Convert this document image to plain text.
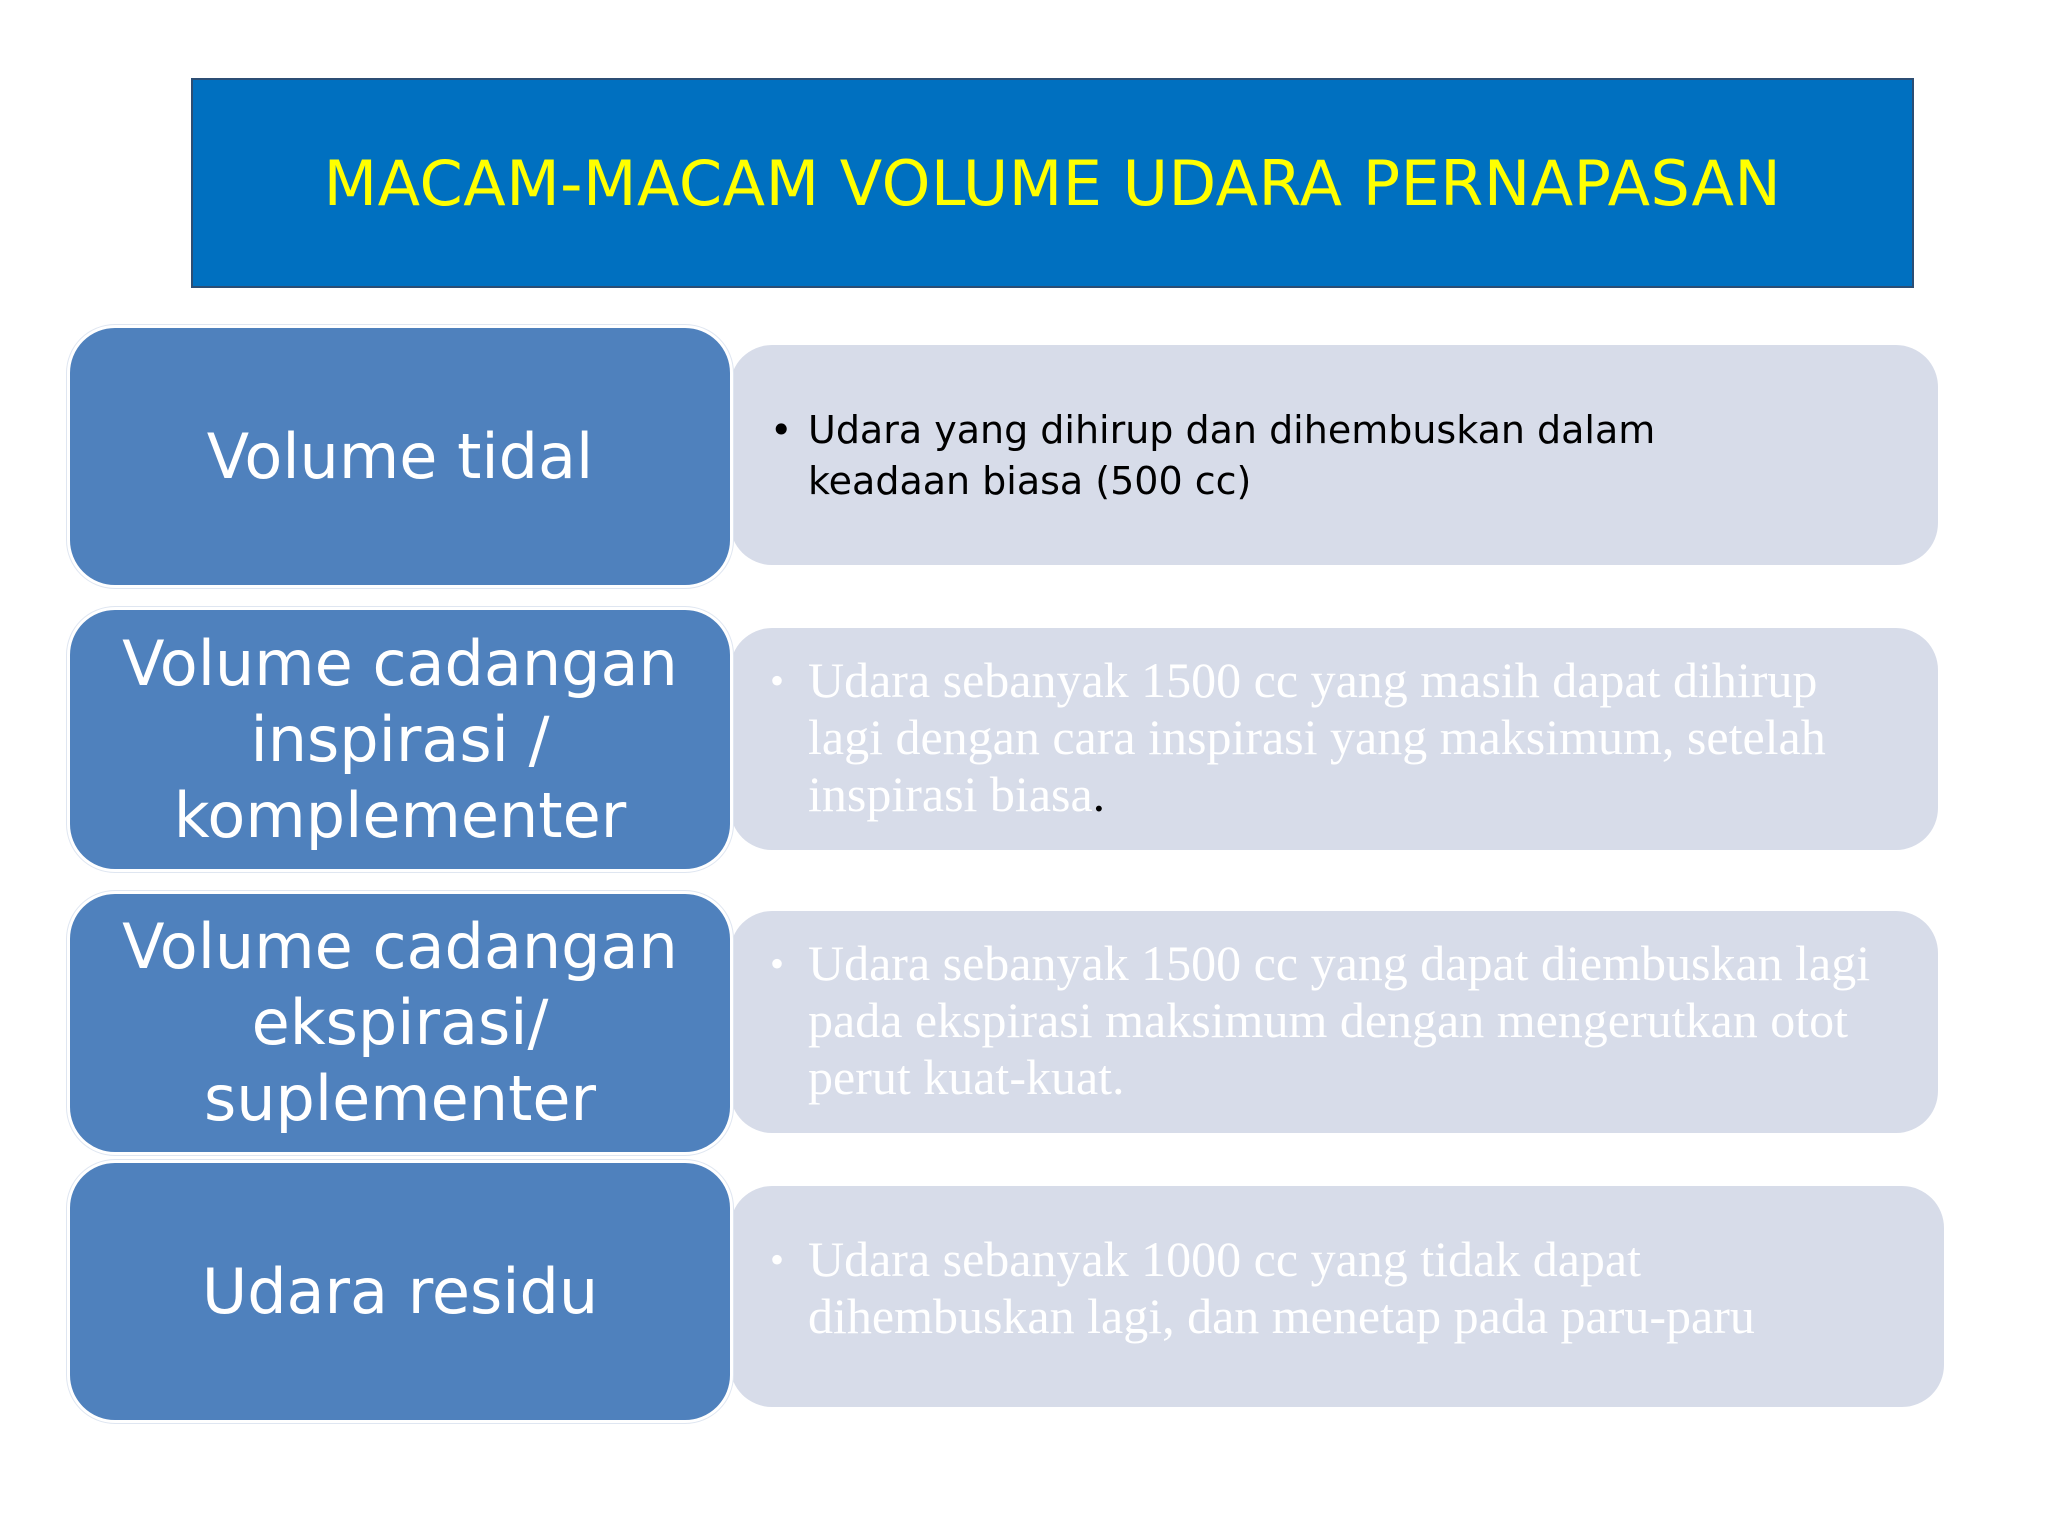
MACAM-MACAM VOLUME UDARA PERNAPASAN
• Udara yang dihirup dan dihembuskan dalam keadaan biasa (500 cc)
Volume tidal
• Udara sebanyak 1500 cc yang masih dapat dihirup lagi dengan cara inspirasi yang maksimum, setelah inspirasi biasa.
Volume cadangan
inspirasi /
komplementer
• Udara sebanyak 1500 cc yang dapat diembuskan lagi pada ekspirasi maksimum dengan mengerutkan otot perut kuat-kuat.
Volume cadangan
ekspirasi/
suplementer
• Udara sebanyak 1000 cc yang tidak dapat dihembuskan lagi, dan menetap pada paru-paru
Udara residu
